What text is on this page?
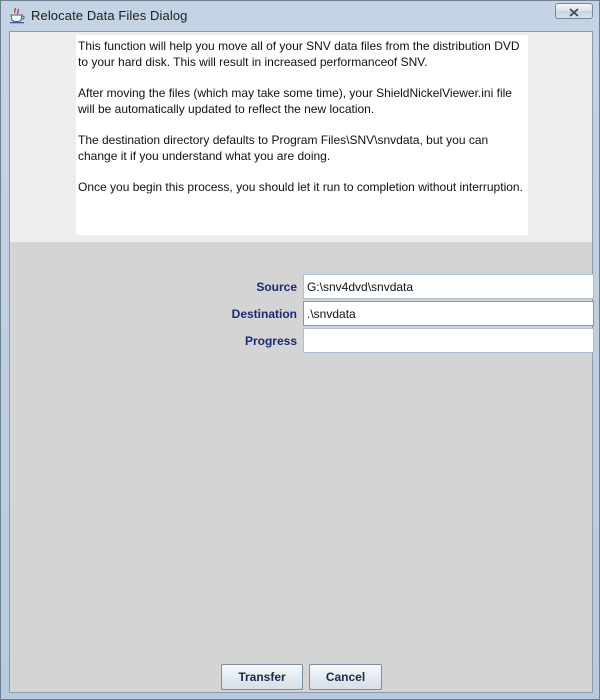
Relocate Data Files Dialog

This function will help you move all of your SNV data files from the distribution DVD to your hard disk. This will result in increased performanceof SNV.

After moving the files (which may take some time), your ShieldNickelViewer.ini file will be automatically updated to reflect the new location.

The destination directory defaults to Program Files\SNV\snvdata, but you can change it if you understand what you are doing.

Once you begin this process, you should let it run to completion without interruption.

Source G:\snv4dvd\snvdata
Destination .\snvdata
Progress
Transfer	Cancel
